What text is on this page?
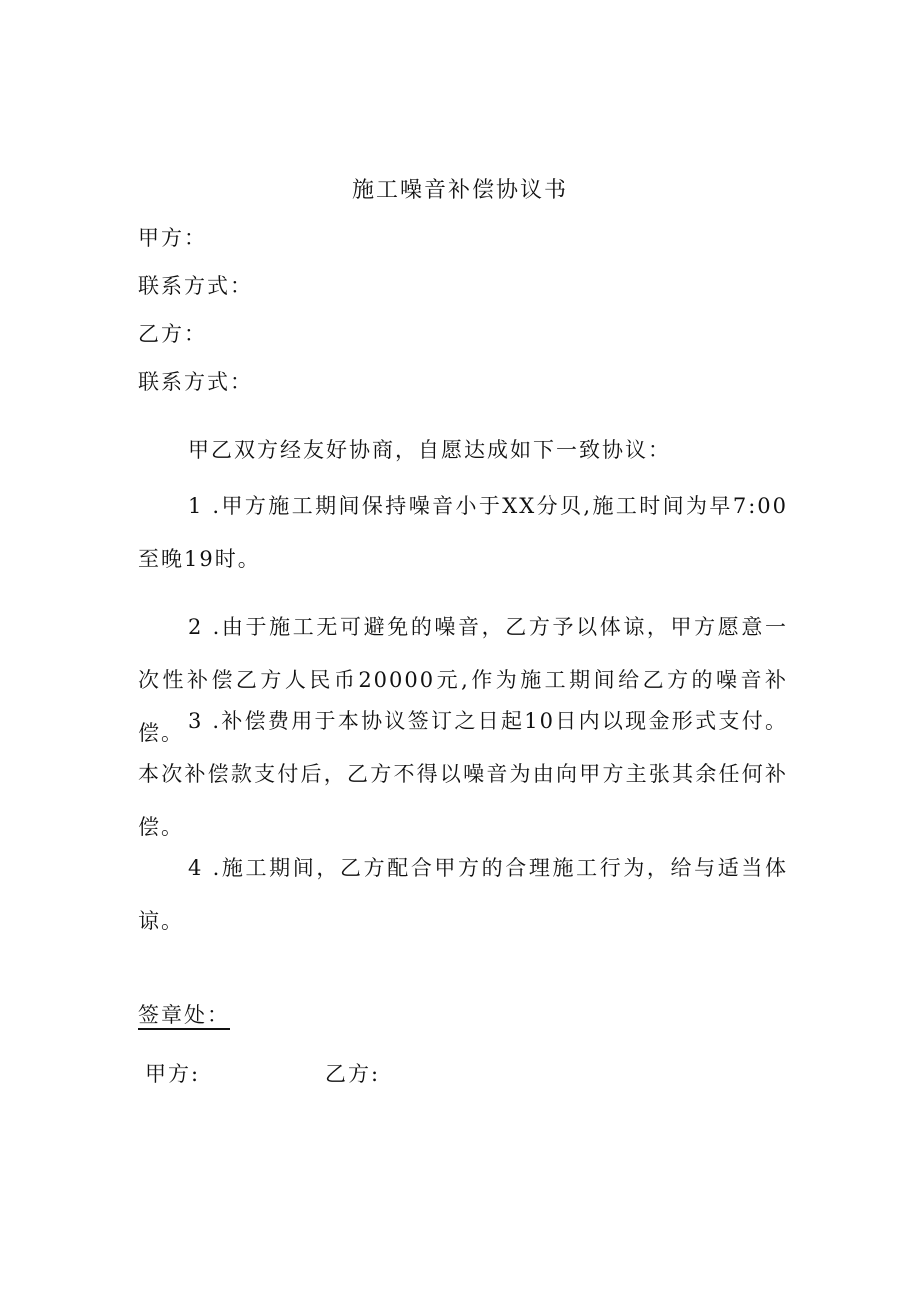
施工噪音补偿协议书
甲方：
联系方式：
乙方：
联系方式：
甲乙双方经友好协商，自愿达成如下一致协议：
1 .甲方施工期间保持噪音小于XX分贝,施工时间为早7:00至晚19时。
2 .由于施工无可避免的噪音，乙方予以体谅，甲方愿意一次性补偿乙方人民币20000元,作为施工期间给乙方的噪音补偿。 3 .补偿费用于本协议签订之日起10日内以现金形式支付。本次补偿款支付后，乙方不得以噪音为由向甲方主张其余任何补偿。
4 .施工期间，乙方配合甲方的合理施工行为，给与适当体谅。
签章处：
甲方:	乙方:
